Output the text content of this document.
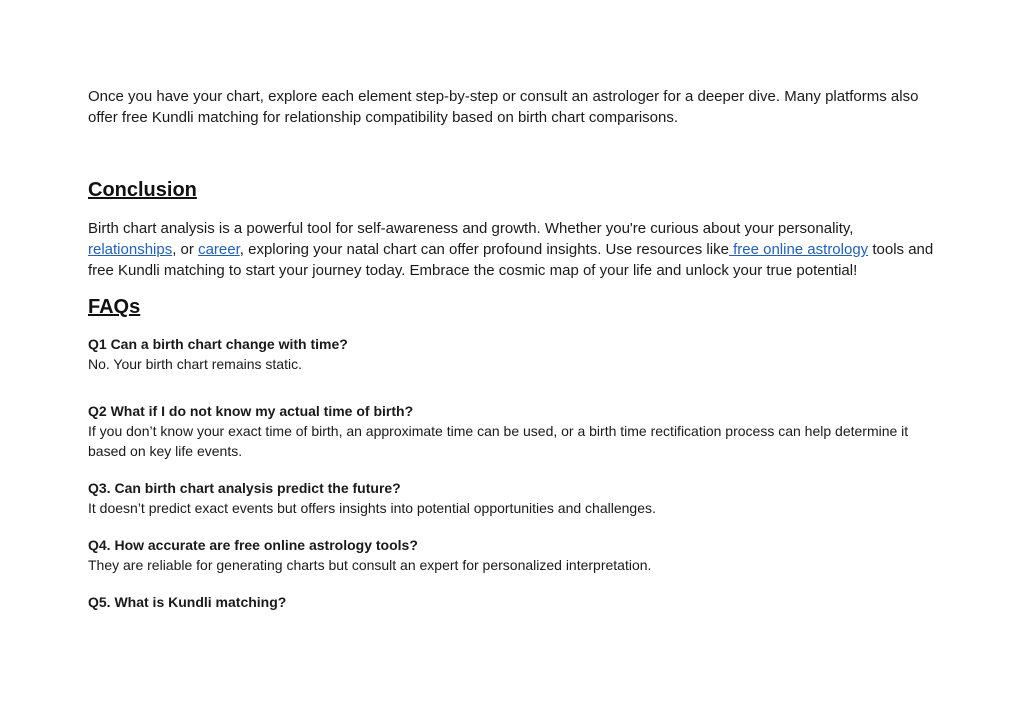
Once you have your chart, explore each element step-by-step or consult an astrologer for a deeper dive. Many platforms also offer free Kundli matching for relationship compatibility based on birth chart comparisons.

Conclusion

Birth chart analysis is a powerful tool for self-awareness and growth. Whether you're curious about your personality, relationships, or career, exploring your natal chart can offer profound insights. Use resources like free online astrology tools and free Kundli matching to start your journey today. Embrace the cosmic map of your life and unlock your true potential!

FAQs

Q1 Can a birth chart change with time?

No. Your birth chart remains static.

Q2 What if I do not know my actual time of birth?

If you don’t know your exact time of birth, an approximate time can be used, or a birth time rectification process can help determine it based on key life events.

Q3. Can birth chart analysis predict the future?

It doesn’t predict exact events but offers insights into potential opportunities and challenges.

Q4. How accurate are free online astrology tools?

They are reliable for generating charts but consult an expert for personalized interpretation.

Q5. What is Kundli matching?
